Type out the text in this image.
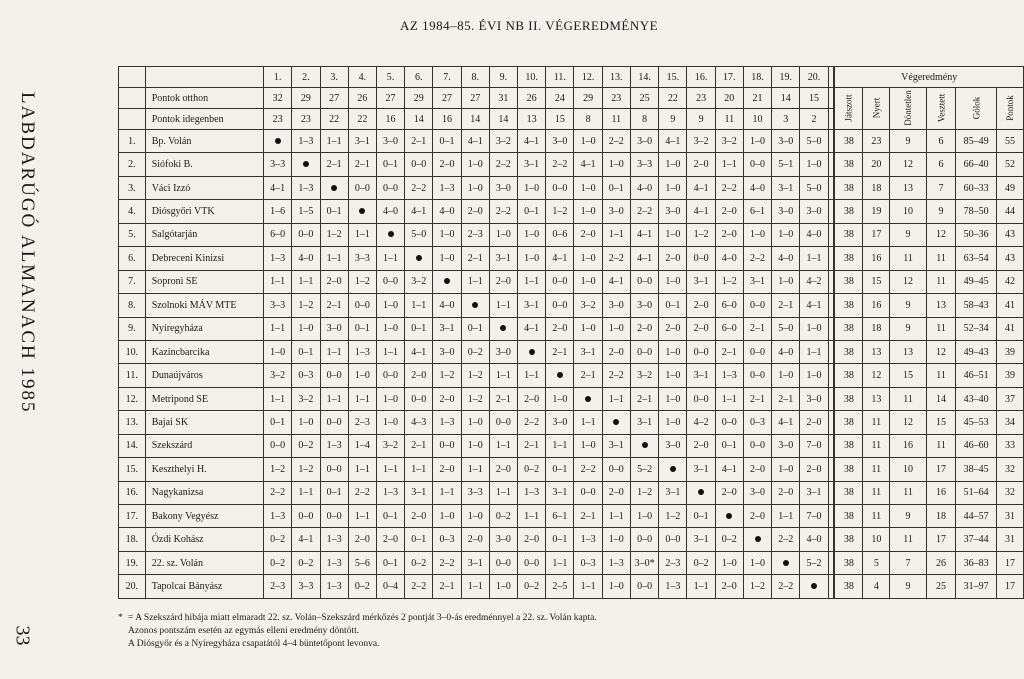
LABDARÚGÓ ALMANACH 1985
33
AZ 1984–85. ÉVI NB II. VÉGEREDMÉNYE
		1.	2.	3.	4.	5.	6.	7.	8.	9.	10.	11.	12.	13.	14.	15.	16.	17.	18.	19.	20.		Végeredmény					
	Pontok otthon	32	29	27	26	27	29	27	27	31	26	24	29	23	25	22	23	20	21	14	15		Játszott	Nyert	Döntetlen	Vesztett	Gólok	Pontok
	Pontok idegenben	23	23	22	22	16	14	16	14	14	13	15	8	11	8	9	9	11	10	3	2							
1.	Bp. Volán		1–3	1–1	3–1	3–0	2–1	0–1	4–1	3–2	4–1	3–0	1–0	2–2	3–0	4–1	3–2	3–2	1–0	3–0	5–0		38	23	9	6	85–49	55
2.	Siófoki B.	3–3		2–1	2–1	0–1	0–0	2–0	1–0	2–2	3–1	2–2	4–1	1–0	3–3	1–0	2–0	1–1	0–0	5–1	1–0		38	20	12	6	66–40	52
3.	Váci Izzó	4–1	1–3		0–0	0–0	2–2	1–3	1–0	3–0	1–0	0–0	1–0	0–1	4–0	1–0	4–1	2–2	4–0	3–1	5–0		38	18	13	7	60–33	49
4.	Diósgyőri VTK	1–6	1–5	0–1		4–0	4–1	4–0	2–0	2–2	0–1	1–2	1–0	3–0	2–2	3–0	4–1	2–0	6–1	3–0	3–0		38	19	10	9	78–50	44
5.	Salgótarján	6–0	0–0	1–2	1–1		5–0	1–0	2–3	1–0	1–0	0–6	2–0	1–1	4–1	1–0	1–2	2–0	1–0	1–0	4–0		38	17	9	12	50–36	43
6.	Debreceni Kinizsi	1–3	4–0	1–1	3–3	1–1		1–0	2–1	3–1	1–0	4–1	1–0	2–2	4–1	2–0	0–0	4–0	2–2	4–0	1–1		38	16	11	11	63–54	43
7.	Soproni SE	1–1	1–1	2–0	1–2	0–0	3–2		1–1	2–0	1–1	0–0	1–0	4–1	0–0	1–0	3–1	1–2	3–1	1–0	4–2		38	15	12	11	49–45	42
8.	Szolnoki MÁV MTE	3–3	1–2	2–1	0–0	1–0	1–1	4–0		1–1	3–1	0–0	3–2	3–0	3–0	0–1	2–0	6–0	0–0	2–1	4–1		38	16	9	13	58–43	41
9.	Nyíregyháza	1–1	1–0	3–0	0–1	1–0	0–1	3–1	0–1		4–1	2–0	1–0	1–0	2–0	2–0	2–0	6–0	2–1	5–0	1–0		38	18	9	11	52–34	41
10.	Kazincbarcika	1–0	0–1	1–1	1–3	1–1	4–1	3–0	0–2	3–0		2–1	3–1	2–0	0–0	1–0	0–0	2–1	0–0	4–0	1–1		38	13	13	12	49–43	39
11.	Dunaújváros	3–2	0–3	0–0	1–0	0–0	2–0	1–2	1–2	1–1	1–1		2–1	2–2	3–2	1–0	3–1	1–3	0–0	1–0	1–0		38	12	15	11	46–51	39
12.	Metripond SE	1–1	3–2	1–1	1–1	1–0	0–0	2–0	1–2	2–1	2–0	1–0		1–1	2–1	1–0	0–0	1–1	2–1	2–1	3–0		38	13	11	14	43–40	37
13.	Bajai SK	0–1	1–0	0–0	2–3	1–0	4–3	1–3	1–0	0–0	2–2	3–0	1–1		3–1	1–0	4–2	0–0	0–3	4–1	2–0		38	11	12	15	45–53	34
14.	Szekszárd	0–0	0–2	1–3	1–4	3–2	2–1	0–0	1–0	1–1	2–1	1–1	1–0	3–1		3–0	2–0	0–1	0–0	3–0	7–0		38	11	16	11	46–60	33
15.	Keszthelyi H.	1–2	1–2	0–0	1–1	1–1	1–1	2–0	1–1	2–0	0–2	0–1	2–2	0–0	5–2		3–1	4–1	2–0	1–0	2–0		38	11	10	17	38–45	32
16.	Nagykanizsa	2–2	1–1	0–1	2–2	1–3	3–1	1–1	3–3	1–1	1–3	3–1	0–0	2–0	1–2	3–1		2–0	3–0	2–0	3–1		38	11	11	16	51–64	32
17.	Bakony Vegyész	1–3	0–0	0–0	1–1	0–1	2–0	1–0	1–0	0–2	1–1	6–1	2–1	1–1	1–0	1–2	0–1		2–0	1–1	7–0		38	11	9	18	44–57	31
18.	Ózdi Kohász	0–2	4–1	1–3	2–0	2–0	0–1	0–3	2–0	3–0	2–0	0–1	1–3	1–0	0–0	0–0	3–1	0–2		2–2	4–0		38	10	11	17	37–44	31
19.	22. sz. Volán	0–2	0–2	1–3	5–6	0–1	0–2	2–2	3–1	0–0	0–0	1–1	0–3	1–3	3–0*	2–3	0–2	1–0	1–0		5–2		38	5	7	26	36–83	17
20.	Tapolcai Bányász	2–3	3–3	1–3	0–2	0–4	2–2	2–1	1–1	1–0	0–2	2–5	1–1	1–0	0–0	1–3	1–1	2–0	1–2	2–2			38	4	9	25	31–97	17
* = A Szekszárd hibája miatt elmaradt 22. sz. Volán–Szekszárd mérkőzés 2 pontját 3–0-ás eredménnyel a 22. sz. Volán kapta.
Azonos pontszám esetén az egymás elleni eredmény döntött.
A Diósgyőr és a Nyíregyháza csapatától 4–4 büntetőpont levonva.
